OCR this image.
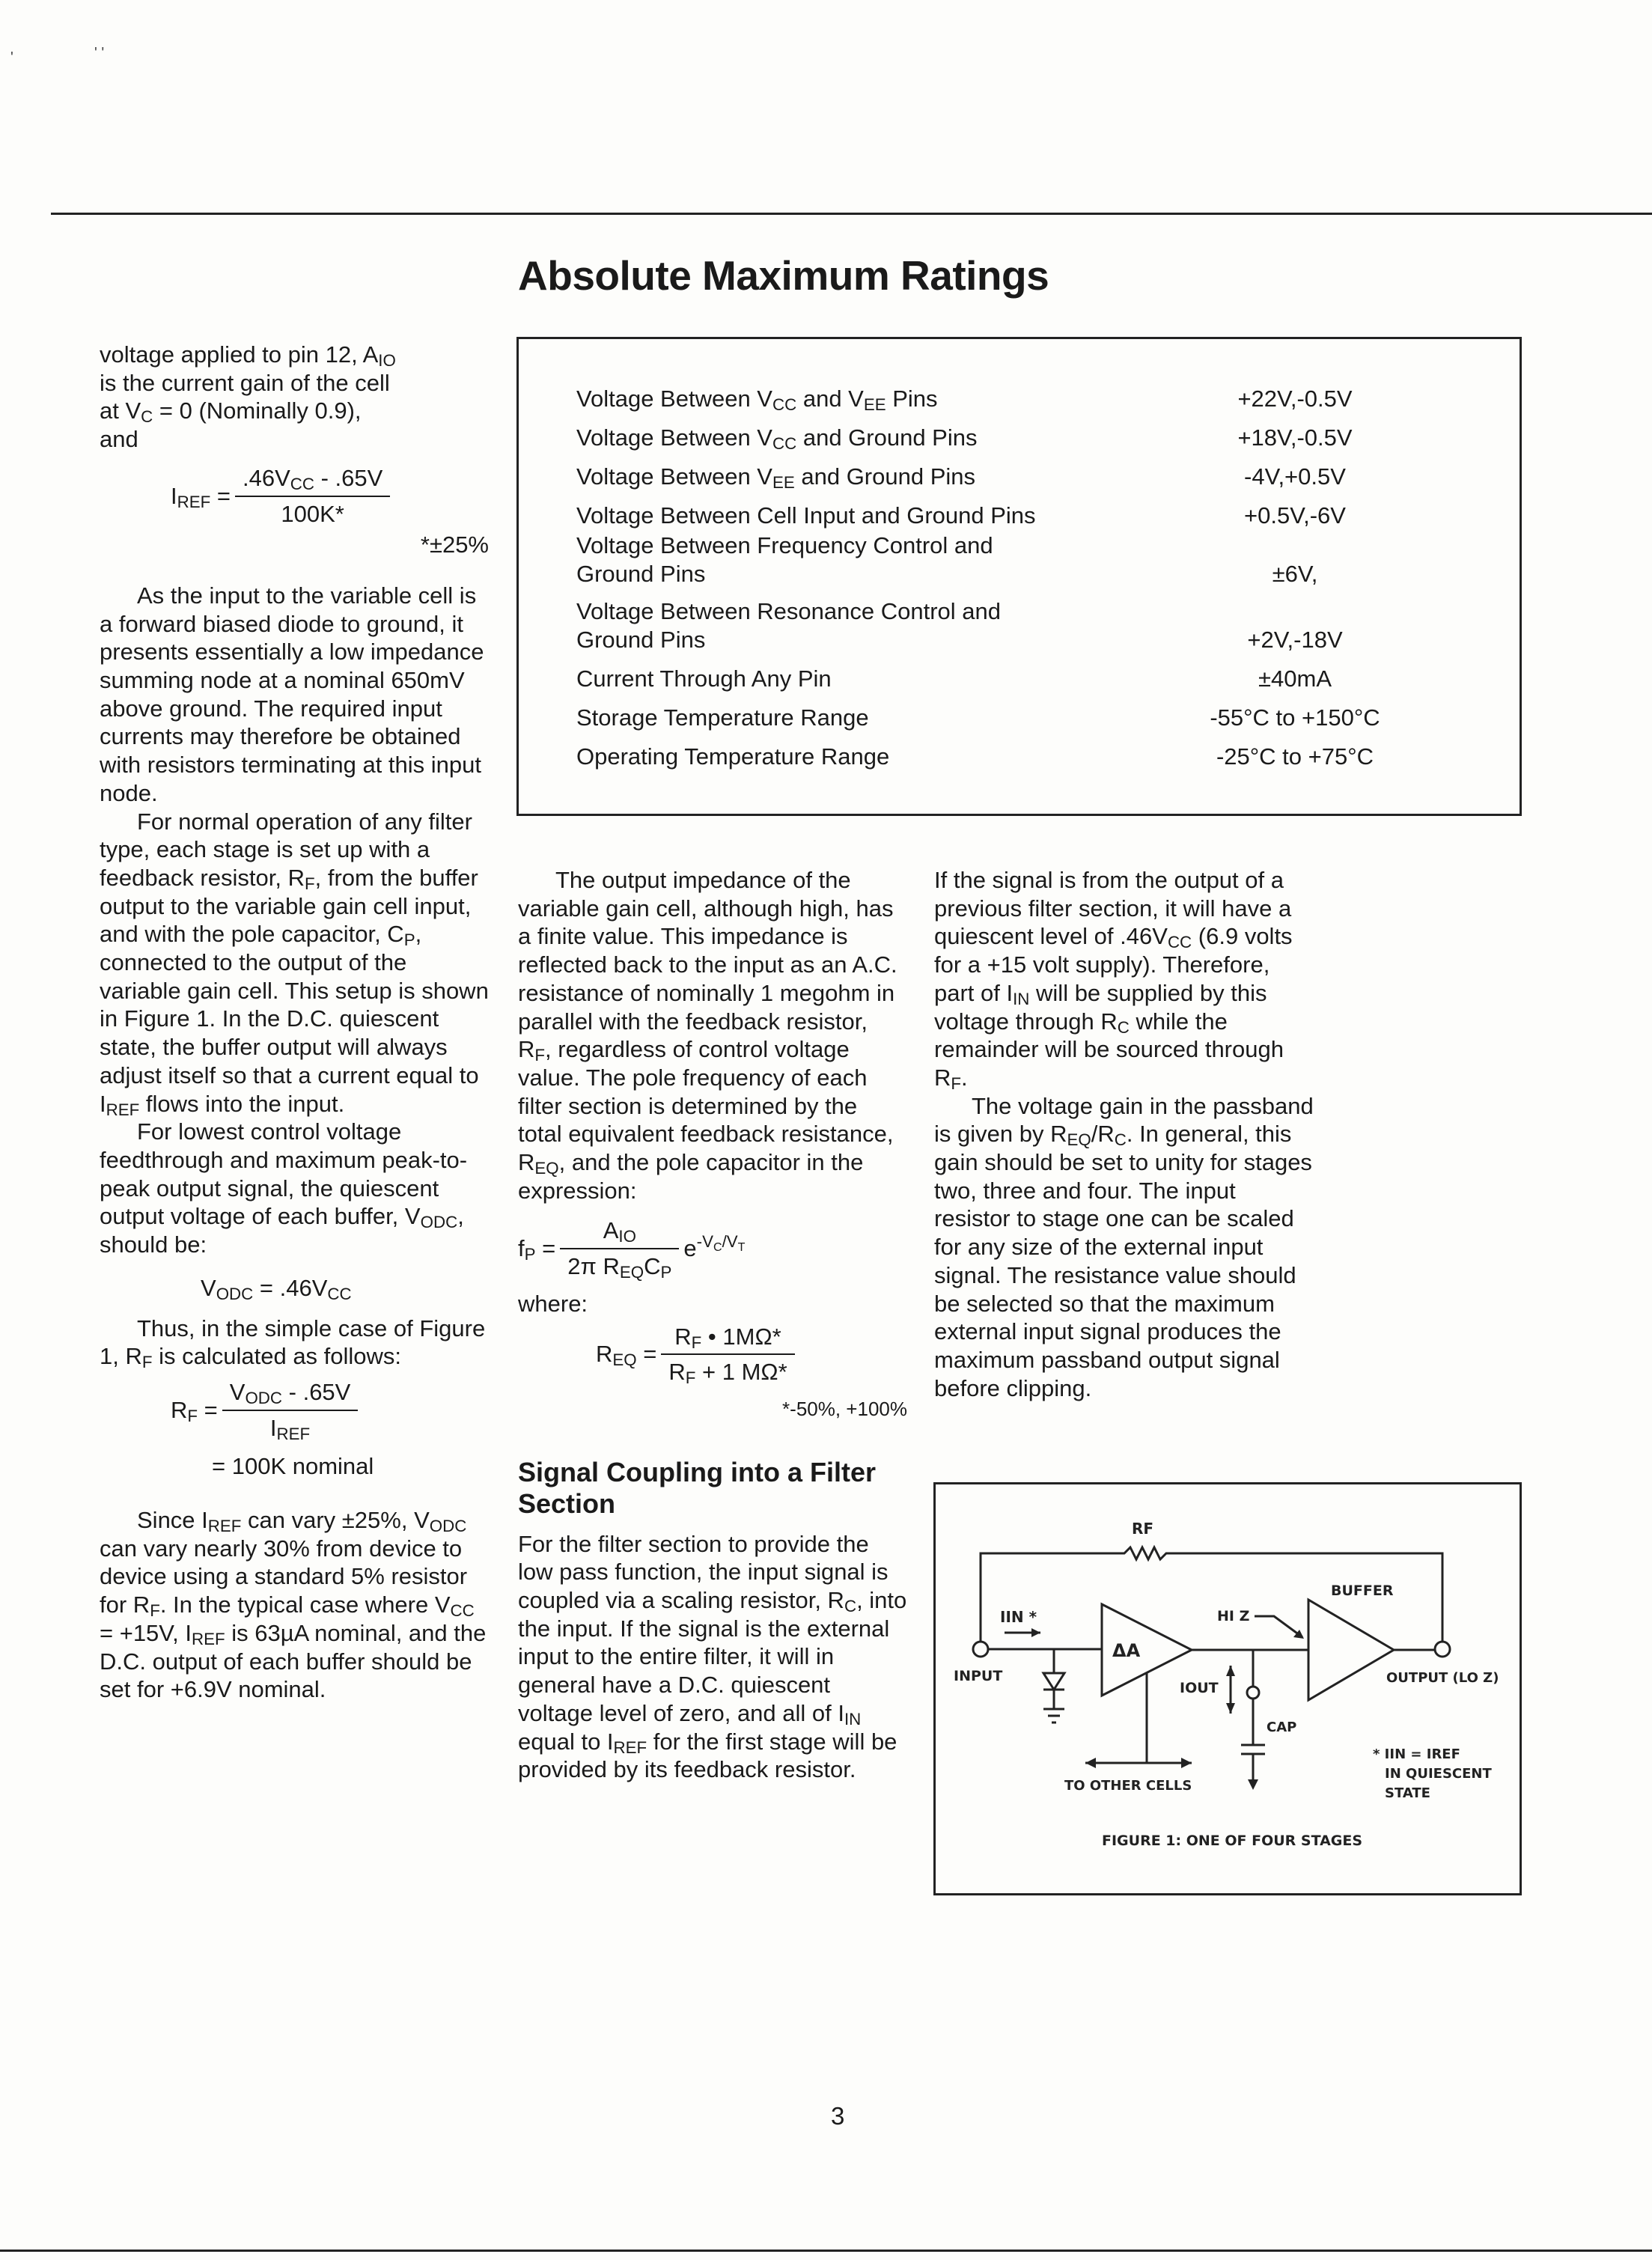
'	' '
Absolute Maximum Ratings
Voltage Between $V_{CC}$ and $V_{EE}$ Pins	+22V,-0.5V
Voltage Between $V_{CC}$ and Ground Pins	+18V,-0.5V
Voltage Between $V_{EE}$ and Ground Pins	-4V,+0.5V
Voltage Between Cell Input and Ground Pins	+0.5V,-6V
Voltage Between Frequency Control and
Ground Pins	±6V,
Voltage Between Resonance Control and
Ground Pins	+2V,-18V
Current Through Any Pin	±40mA
Storage Temperature Range	-55°C to +150°C
Operating Temperature Range	-25°C to +75°C

voltage applied to pin 12, $A_{IO}$
is the current gain of the cell
at $V_C = 0$ (Nominally 0.9),
and

$I_{REF} = \frac{.46V_{CC} - .65V}{100K*}$

*±25%

As the input to the variable cell is a forward biased diode to ground, it presents essentially a low impedance summing node at a nominal 650mV above ground. The required input currents may therefore be obtained with resistors terminating at this input node.

For normal operation of any filter type, each stage is set up with a feedback resistor, $R_F$, from the buffer output to the variable gain cell input, and with the pole capacitor, $C_P$, connected to the output of the variable gain cell. This setup is shown in Figure 1. In the D.C. quiescent state, the buffer output will always adjust itself so that a current equal to $I_{REF}$ flows into the input.

For lowest control voltage feedthrough and maximum peak-to-peak output signal, the quiescent output voltage of each buffer, $V_{ODC}$, should be:

$V_{ODC} = .46V_{CC}$

Thus, in the simple case of Figure 1, $R_F$ is calculated as follows:

$R_F = \frac{V_{ODC} - .65V}{I_{REF}}$

= 100K nominal

Since $I_{REF}$ can vary ±25%, $V_{ODC}$ can vary nearly 30% from device to device using a standard 5% resistor for $R_F$. In the typical case where $V_{CC} = +15V$, $I_{REF}$ is 63µA nominal, and the D.C. output of each buffer should be set for +6.9V nominal.

The output impedance of the variable gain cell, although high, has a finite value. This impedance is reflected back to the input as an A.C. resistance of nominally 1 megohm in parallel with the feedback resistor, $R_F$, regardless of control voltage value. The pole frequency of each filter section is determined by the total equivalent feedback resistance, $R_{EQ}$, and the pole capacitor in the expression:

$f_P = \frac{A_{IO}}{2\pi R_{EQ}C_P} e^{-V_C/V_T}$

where:

$R_{EQ} = \frac{R_F • 1M\Omega*}{R_F + 1 M\Omega*}$

*-50%, +100%

Signal Coupling into a Filter Section

For the filter section to provide the low pass function, the input signal is coupled via a scaling resistor, $R_C$, into the input. If the signal is the external input to the entire filter, it will in general have a D.C. quiescent voltage level of zero, and all of $I_{IN}$ equal to $I_{REF}$ for the first stage will be provided by its feedback resistor.

If the signal is from the output of a previous filter section, it will have a quiescent level of $.46V_{CC}$ (6.9 volts for a +15 volt supply). Therefore, part of $I_{IN}$ will be supplied by this voltage through $R_C$ while the remainder will be sourced through $R_F$.

The voltage gain in the passband is given by $R_{EQ}/R_C$. In general, this gain should be set to unity for stages two, three and four. The input resistor to stage one can be scaled for any size of the external input signal. The resistance value should be selected so that the maximum external input signal produces the maximum passband output signal before clipping.

RF
IIN *
INPUT
ΔA
HI Z
BUFFER
OUTPUT (LO Z)
IOUT
CAP
TO OTHER CELLS
* IIN = IREF
IN QUIESCENT
STATE
FIGURE 1: ONE OF FOUR STAGES
3
